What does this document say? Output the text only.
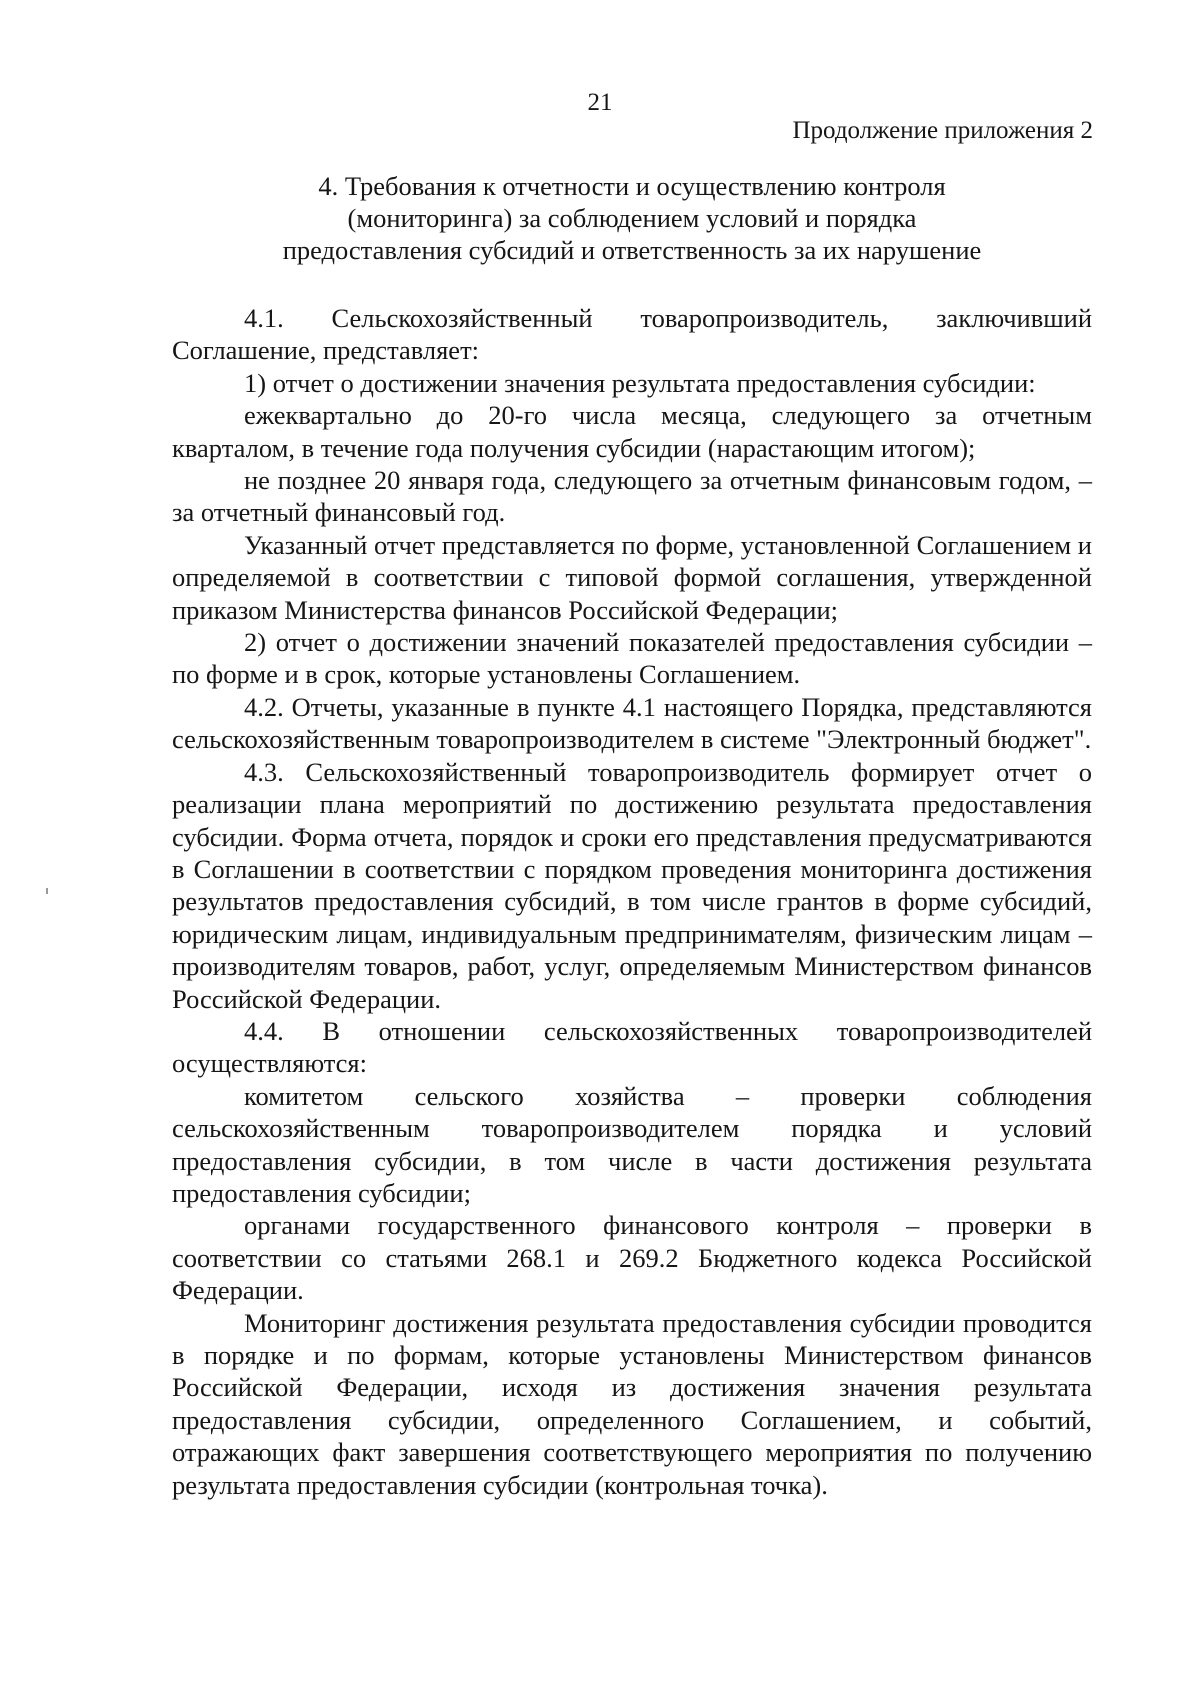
21
Продолжение приложения 2
4. Требования к отчетности и осуществлению контроля
(мониторинга) за соблюдением условий и порядка
предоставления субсидий и ответственность за их нарушение

4.1. Сельскохозяйственный товаропроизводитель, заключивший Соглашение, представляет:

1) отчет о достижении значения результата предоставления субсидии:

ежеквартально до 20-го числа месяца, следующего за отчетным кварталом, в течение года получения субсидии (нарастающим итогом);

не позднее 20 января года, следующего за отчетным финансовым годом, – за отчетный финансовый год.

Указанный отчет представляется по форме, установленной Соглашением и определяемой в соответствии с типовой формой соглашения, утвержденной приказом Министерства финансов Российской Федерации;

2) отчет о достижении значений показателей предоставления субсидии – по форме и в срок, которые установлены Соглашением.

4.2. Отчеты, указанные в пункте 4.1 настоящего Порядка, представляются сельскохозяйственным товаропроизводителем в системе "Электронный бюджет".

4.3. Сельскохозяйственный товаропроизводитель формирует отчет о реализации плана мероприятий по достижению результата предоставления субсидии. Форма отчета, порядок и сроки его представления предусматриваются в Соглашении в соответствии с порядком проведения мониторинга достижения результатов предоставления субсидий, в том числе грантов в форме субсидий, юридическим лицам, индивидуальным предпринимателям, физическим лицам – производителям товаров, работ, услуг, определяемым Министерством финансов Российской Федерации.

4.4. В отношении сельскохозяйственных товаропроизводителей осуществляются:

комитетом сельского хозяйства – проверки соблюдения сельскохозяйственным товаропроизводителем порядка и условий предоставления субсидии, в том числе в части достижения результата предоставления субсидии;

органами государственного финансового контроля – проверки в соответствии со статьями 268.1 и 269.2 Бюджетного кодекса Российской Федерации.

Мониторинг достижения результата предоставления субсидии проводится в порядке и по формам, которые установлены Министерством финансов Российской Федерации, исходя из достижения значения результата предоставления субсидии, определенного Соглашением, и событий, отражающих факт завершения соответствующего мероприятия по получению результата предоставления субсидии (контрольная точка).
